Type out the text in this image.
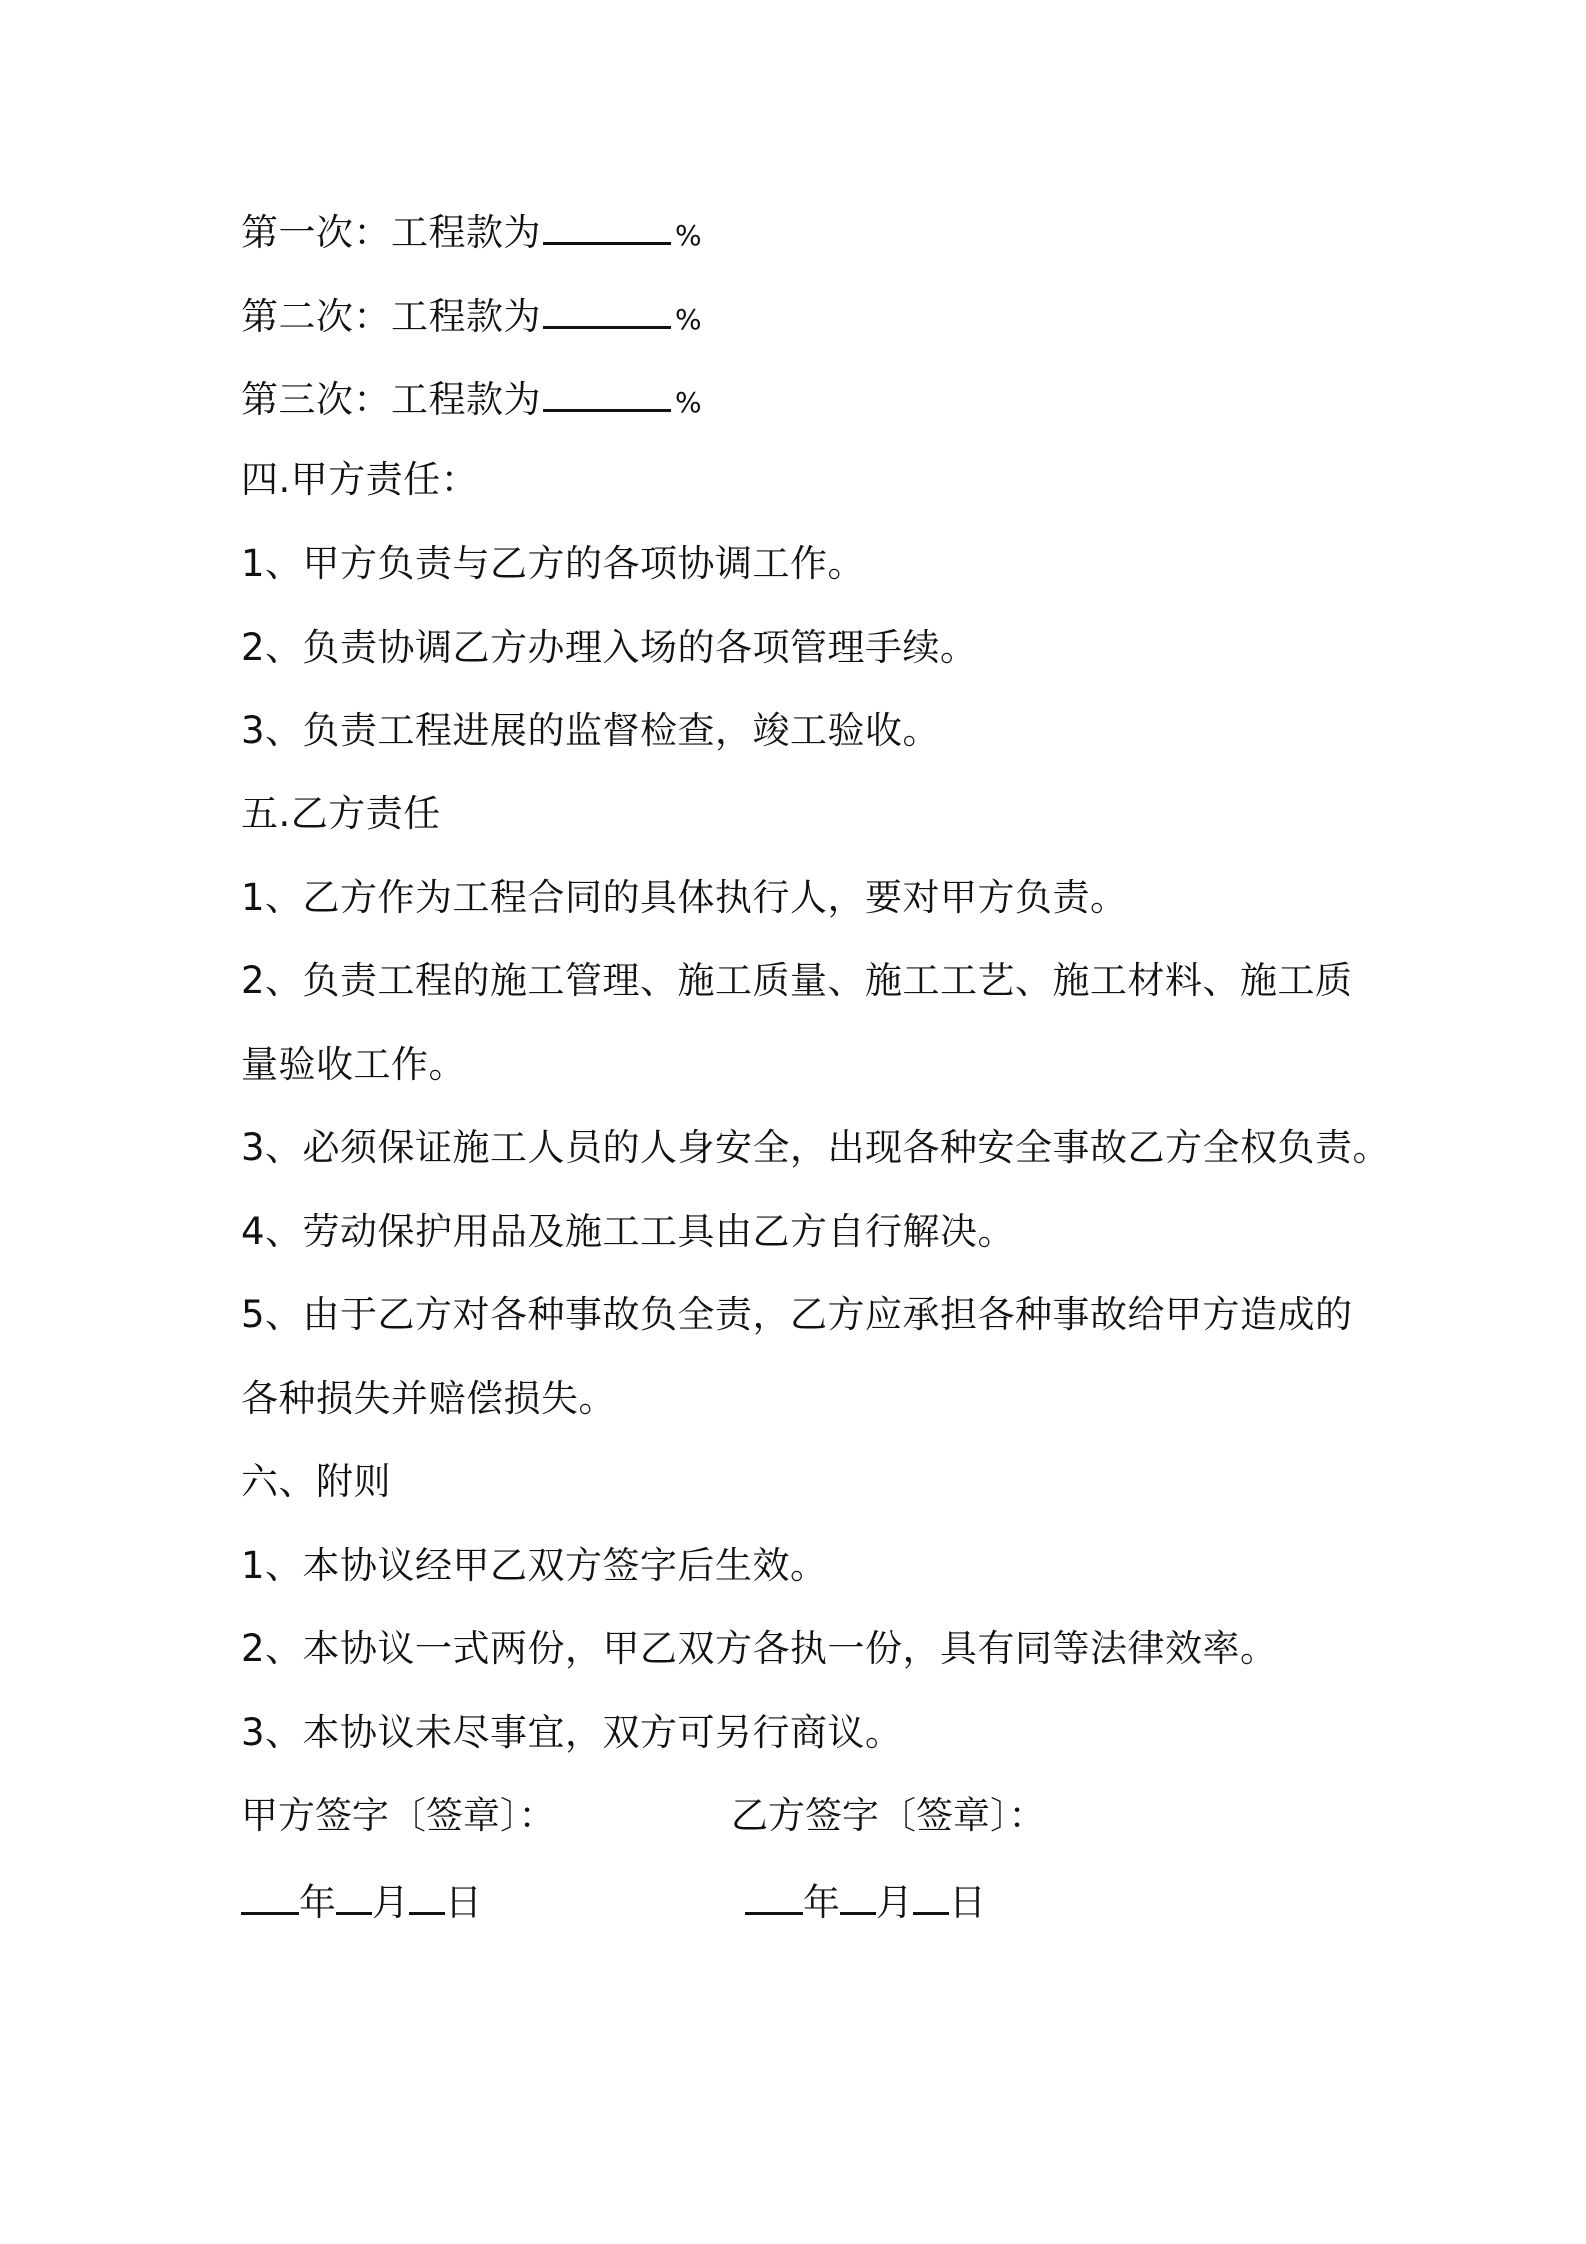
第一次：工程款为	%
第二次：工程款为	%
第三次：工程款为	%
四.甲方责任：
1、甲方负责与乙方的各项协调工作。
2、负责协调乙方办理入场的各项管理手续。
3、负责工程进展的监督检查，竣工验收。
五.乙方责任
1、乙方作为工程合同的具体执行人，要对甲方负责。
2、负责工程的施工管理、施工质量、施工工艺、施工材料、施工质
量验收工作。
3、必须保证施工人员的人身安全，出现各种安全事故乙方全权负责。
4、劳动保护用品及施工工具由乙方自行解决。
5、由于乙方对各种事故负全责，乙方应承担各种事故给甲方造成的
各种损失并赔偿损失。
六、附则
1、本协议经甲乙双方签字后生效。
2、本协议一式两份，甲乙双方各执一份，具有同等法律效率。
3、本协议未尽事宜，双方可另行商议。
甲方签字〔签章〕：	乙方签字〔签章〕：
年 月 日	年 月 日
